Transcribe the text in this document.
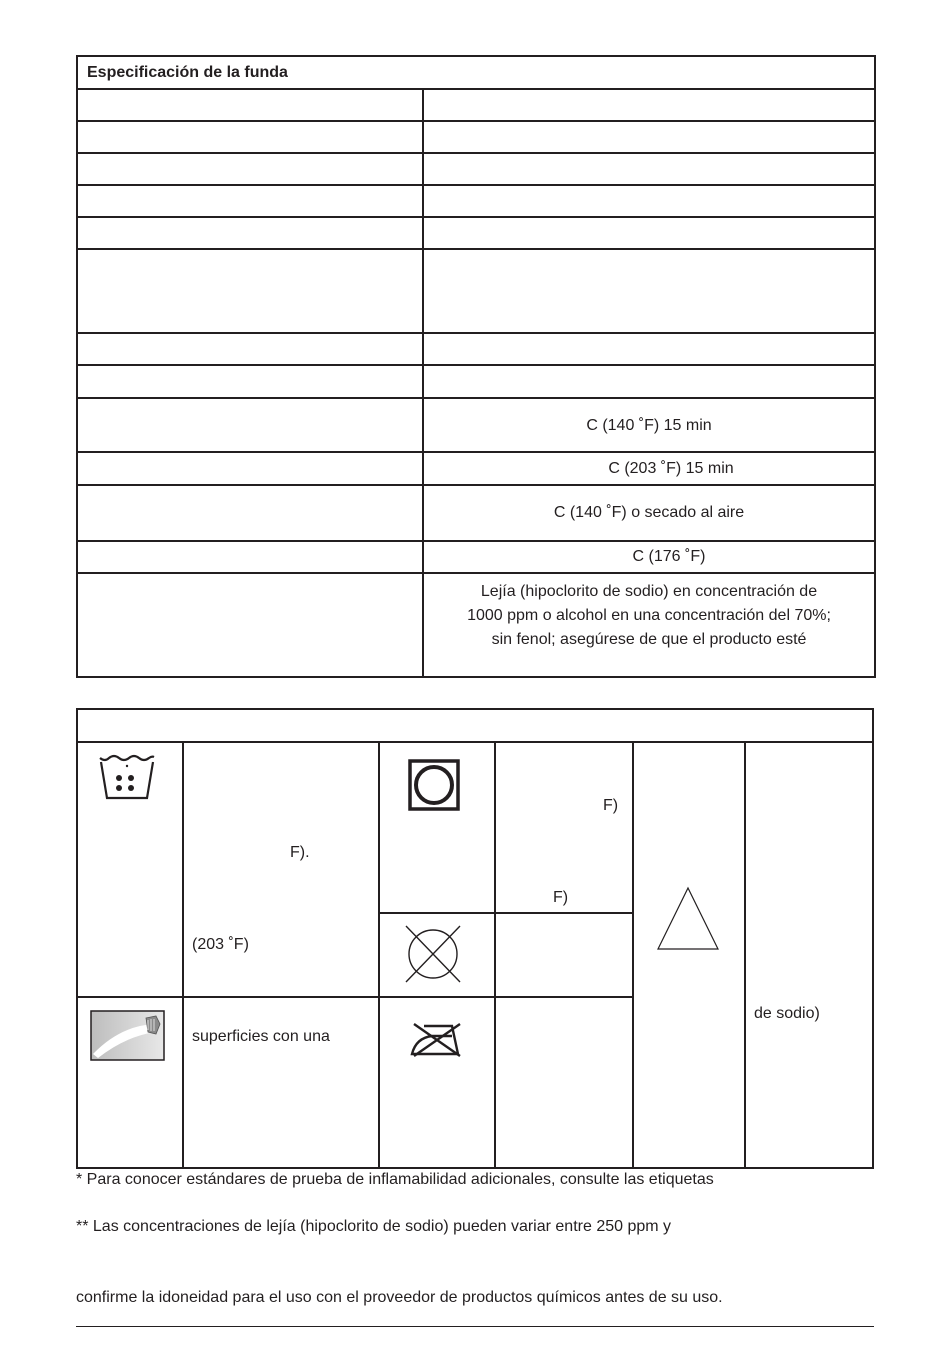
Especificación de la funda	

	C (140 ˚F) 15 min
	C (203 ˚F) 15 min
	C (140 ˚F) o secado al aire
	C (176 ˚F)

	Lejía (hipoclorito de sodio) en concentración de
1000 ppm o alcohol en una concentración del 70%;
sin fenol; asegúrese de que el producto esté
F).
(203 ˚F)
superficies con una
F)
F)
de sodio)
* Para conocer estándares de prueba de inflamabilidad adicionales, consulte las etiquetas
** Las concentraciones de lejía (hipoclorito de sodio) pueden variar entre 250 ppm y
confirme la idoneidad para el uso con el proveedor de productos químicos antes de su uso.
